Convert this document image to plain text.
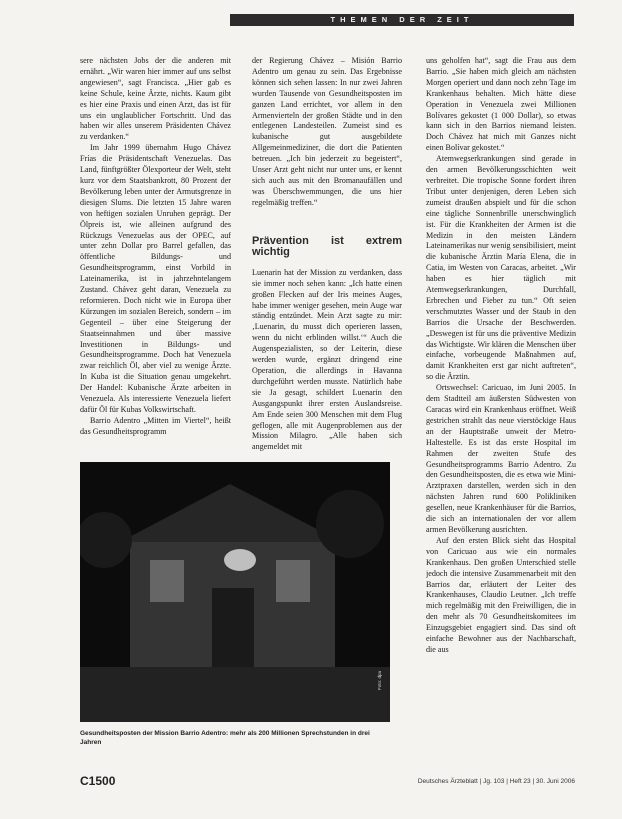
THEMEN DER ZEIT

sere nächsten Jobs der die anderen mit ernährt. „Wir waren hier immer auf uns selbst angewiesen“, sagt Francisca. „Hier gab es keine Schule, keine Ärzte, nichts. Kaum gibt es hier eine Praxis und einen Arzt, das ist für uns ein unglaublicher Fortschritt. Und das haben wir alles unserem Präsidenten Chávez zu verdanken.“

Im Jahr 1999 übernahm Hugo Chávez Frías die Präsidentschaft Venezuelas. Das Land, fünftgrößter Ölexporteur der Welt, steht kurz vor dem Staatsbankrott, 80 Prozent der Bevölkerung leben unter der Armutsgrenze in diesigen Slums. Die letzten 15 Jahre waren von heftigen sozialen Unruhen geprägt. Der Ölpreis ist, wie alleinen aufgrund des Rückzugs Venezuelas aus der OPEC, auf unter zehn Dollar pro Barrel gefallen, das öffentliche Bildungs- und Gesundheitsprogramm, einst Vorbild in Lateinamerika, ist in jahrzehntelangem Zustand. Chávez geht daran, Venezuela zu reformieren. Doch nicht wie in Europa über Kürzungen im sozialen Bereich, sondern – im Gegenteil – über eine Steigerung der Staatseinnahmen und über massive Investitionen in Bildungs- und Gesundheitsprogramme. Doch hat Venezuela zwar reichlich Öl, aber viel zu wenige Ärzte. In Kuba ist die Situation genau umgekehrt. Der Handel: Kubanische Ärzte arbeiten in Venezuela. Als interessierte Venezuela liefert dafür Öl für Kubas Volkswirtschaft.

Barrio Adentro „Mitten im Viertel“, heißt das Gesundheitsprogramm

der Regierung Chávez – Misión Barrio Adentro um genau zu sein. Das Ergebnisse können sich sehen lassen: In nur zwei Jahren wurden Tausende von Gesundheitsposten im ganzen Land errichtet, vor allem in den Armenvierteln der großen Städte und in den entlegenen Landesteilen. Zumeist sind es kubanische gut ausgebildete Allgemeinmediziner, die dort die Patienten betreuen. „Ich bin jederzeit zu begeistert“, Unser Arzt geht nicht nur unter uns, er kennt sich auch aus mit den Bromanaufällen und was Überschwemmungen, die uns hier regelmäßig treffen.“

Prävention ist extrem wichtig

Luenarin hat der Mission zu verdanken, dass sie immer noch sehen kann: „Ich hatte einen großen Flecken auf der Iris meines Auges, habe immer weniger gesehen, mein Auge war ständig entzündet. Mein Arzt sagte zu mir: ‚Luenarin, du musst dich operieren lassen, wenn du nicht erblinden willst.‘“ Auch die Augenspezialisten, so der Leiterin, diese werden wurde, ergänzt dringend eine Operation, die allerdings in Havanna durchgeführt werden musste. Natürlich habe sie Ja gesagt, schildert Luenarin den Ausgangspunkt ihrer ersten Auslandsreise. Am Ende seien 300 Menschen mit dem Flug geflogen, alle mit Augenproblemen aus der Mission Milagro. „Alle haben sich angemeldet mit

uns geholfen hat“, sagt die Frau aus dem Barrio. „Sie haben mich gleich am nächsten Morgen operiert und dann noch zehn Tage im Krankenhaus behalten. Mich hätte diese Operation in Venezuela zwei Millionen Bolívares gekostet (1 000 Dollar), so etwas kann sich in den Barrios niemand leisten. Doch Chávez hat mich mit Ganzes nicht einen Bolívar gekostet.“

Atemwegserkrankungen sind gerade in den armen Bevölkerungsschichten weit verbreitet. Die tropische Sonne fordert ihren Tribut unter denjenigen, deren Leben sich zumeist draußen abspielt und für die schon eine tägliche Sonnenbrille unerschwinglich ist. Für die Krankheiten der Armen ist die Medizin in den meisten Ländern Lateinamerikas nur wenig sensibilisiert, meint die kubanische Ärztin María Elena, die in Catia, im Westen von Caracas, arbeitet. „Wir haben es hier täglich mit Atemwegserkrankungen, Durchfall, Erbrechen und Fieber zu tun.“ Oft seien verschmutztes Wasser und der Staub in den Barrios die Ursache der Beschwerden. „Deswegen ist für uns die präventive Medizin das Wichtigste. Wir klären die Menschen über einfache, vorbeugende Maßnahmen auf, damit Krankheiten erst gar nicht auftreten“, so die Ärztin.

Ortswechsel: Caricuao, im Juni 2005. In dem Stadtteil am äußersten Südwesten von Caracas wird ein Krankenhaus eröffnet. Weiß gestrichen strahlt das neue vierstöckige Haus an der Hauptstraße unweit der Metro-Haltestelle. Es ist das erste Hospital im Rahmen der zweiten Stufe des Gesundheitsprogramms Barrio Adentro. Zu den Gesundheitsposten, die es etwa wie Mini-Arztpraxen darstellen, werden sich in den nächsten Jahren rund 600 Polikliniken gesellen, neue Krankenhäuser für die Barrios, die sich an internationalen der vor allem armen Bevölkerung ausrichten.

Auf den ersten Blick sieht das Hospital von Caricuao aus wie ein normales Krankenhaus. Den großen Unterschied stelle jedoch die intensive Zusammenarbeit mit den Barrios dar, erläutert der Leiter des Krankenhauses, Claudio Leutner. „Ich treffe mich regelmäßig mit den Freiwilligen, die in den mehr als 70 Gesundheitskomitees im Einzugsgebiet engagiert sind. Das sind oft einfache Bewohner aus der Nachbarschaft, die aus

Foto: dpa
Gesundheitsposten der Mission Barrio Adentro: mehr als 200 Millionen Sprechstunden in drei Jahren
C1500	Deutsches Ärzteblatt | Jg. 103 | Heft 23 | 30. Juni 2006
